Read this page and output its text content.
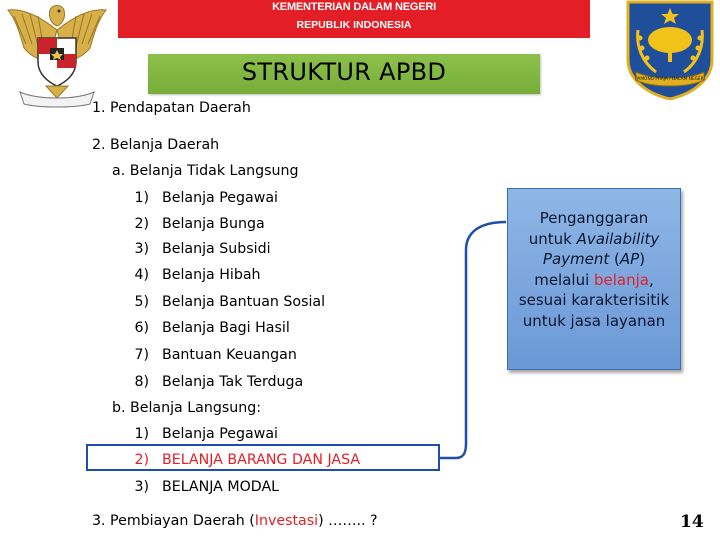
KEMENTERIAN DALAM NEGERI
REPUBLIK INDONESIA
PAMONG PRAJA / DALAM NEGERI
STRUKTUR APBD
1. Pendapatan Daerah
2. Belanja Daerah
a. Belanja Tidak Langsung
1) Belanja Pegawai
2) Belanja Bunga
3) Belanja Subsidi
4) Belanja Hibah
5) Belanja Bantuan Sosial
6) Belanja Bagi Hasil
7) Bantuan Keuangan
8) Belanja Tak Terduga
b. Belanja Langsung:
1) Belanja Pegawai
2) BELANJA BARANG DAN JASA
3) BELANJA MODAL
3. Pembiayan Daerah (Investasi) …….. ?
Penganggaran
untuk Availability
Payment (AP)
melalui belanja,
sesuai karakterisitik
untuk jasa layanan
14
